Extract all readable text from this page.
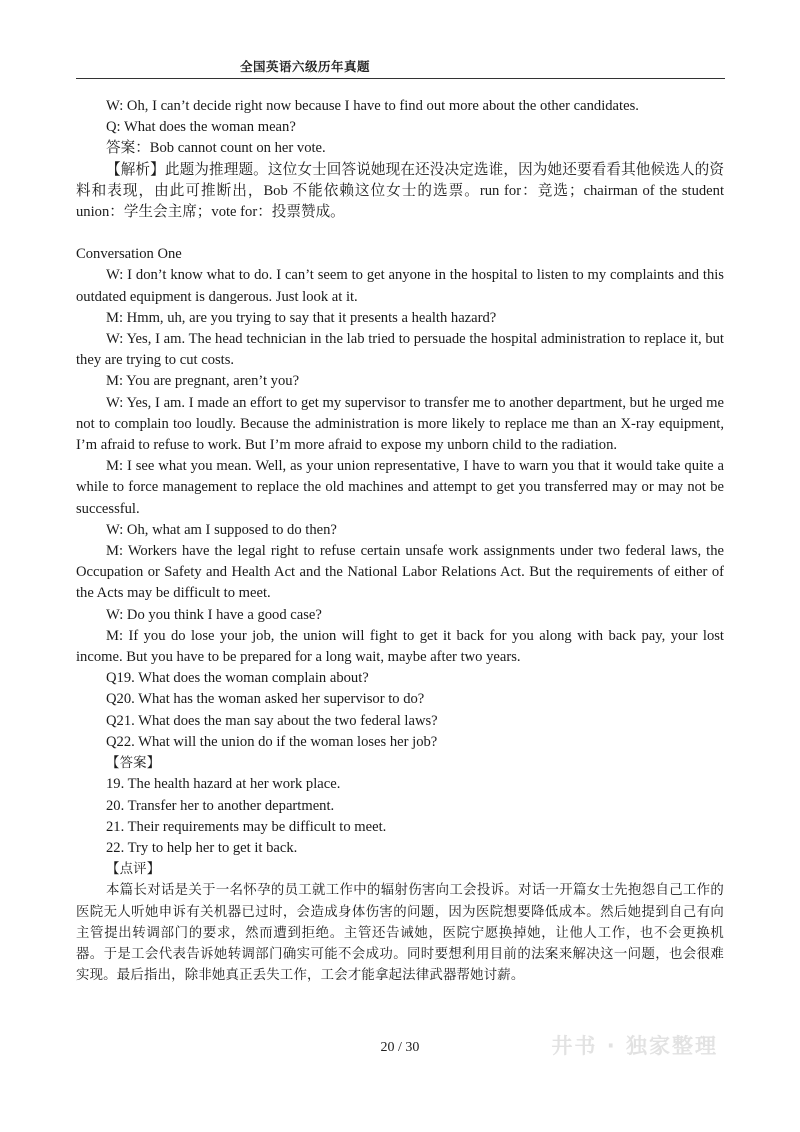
全国英语六级历年真题

W: Oh, I can’t decide right now because I have to find out more about the other candidates.

Q: What does the woman mean?

答案：Bob cannot count on her vote.

【解析】此题为推理题。这位女士回答说她现在还没决定选谁，因为她还要看看其他候选人的资料和表现，由此可推断出，Bob 不能依赖这位女士的选票。run for：竞选；chairman of the student union：学生会主席；vote for：投票赞成。

Conversation One

W: I don’t know what to do. I can’t seem to get anyone in the hospital to listen to my complaints and this outdated equipment is dangerous. Just look at it.

M: Hmm, uh, are you trying to say that it presents a health hazard?

W: Yes, I am. The head technician in the lab tried to persuade the hospital administration to replace it, but they are trying to cut costs.

M: You are pregnant, aren’t you?

W: Yes, I am. I made an effort to get my supervisor to transfer me to another department, but he urged me not to complain too loudly. Because the administration is more likely to replace me than an X-ray equipment, I’m afraid to refuse to work. But I’m more afraid to expose my unborn child to the radiation.

M: I see what you mean. Well, as your union representative, I have to warn you that it would take quite a while to force management to replace the old machines and attempt to get you transferred may or may not be successful.

W: Oh, what am I supposed to do then?

M: Workers have the legal right to refuse certain unsafe work assignments under two federal laws, the Occupation or Safety and Health Act and the National Labor Relations Act. But the requirements of either of the Acts may be difficult to meet.

W: Do you think I have a good case?

M: If you do lose your job, the union will fight to get it back for you along with back pay, your lost income. But you have to be prepared for a long wait, maybe after two years.

Q19. What does the woman complain about?

Q20. What has the woman asked her supervisor to do?

Q21. What does the man say about the two federal laws?

Q22. What will the union do if the woman loses her job?

【答案】

19. The health hazard at her work place.

20. Transfer her to another department.

21. Their requirements may be difficult to meet.

22. Try to help her to get it back.

【点评】

本篇长对话是关于一名怀孕的员工就工作中的辐射伤害向工会投诉。对话一开篇女士先抱怨自己工作的医院无人听她申诉有关机器已过时，会造成身体伤害的问题，因为医院想要降低成本。然后她提到自己有向主管提出转调部门的要求，然而遭到拒绝。主管还告诫她，医院宁愿换掉她，让他人工作，也不会更换机器。于是工会代表告诉她转调部门确实可能不会成功。同时要想利用目前的法案来解决这一问题，也会很难实现。最后指出，除非她真正丢失工作，工会才能拿起法律武器帮她讨薪。

井书 · 独家整理
20 / 30
